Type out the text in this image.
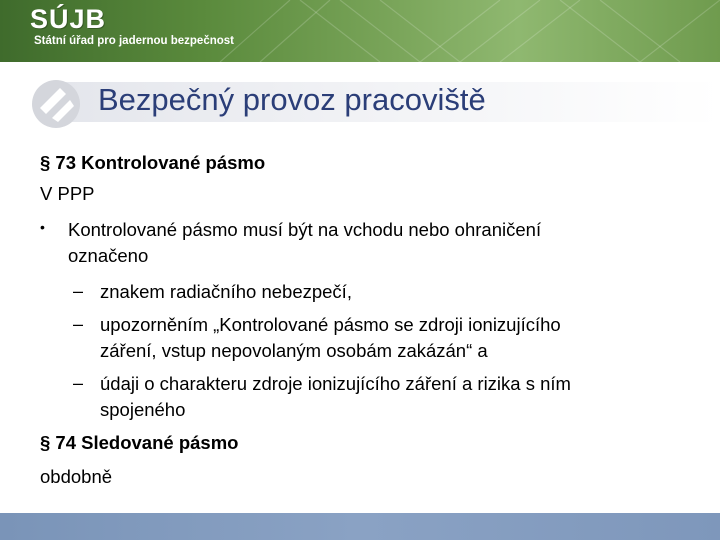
SÚJB
Státní úřad pro jadernou bezpečnost
Bezpečný provoz pracoviště
§ 73 Kontrolované pásmo
V PPP
• Kontrolované pásmo musí být na vchodu nebo ohraničení
označeno
– znakem radiačního nebezpečí,
– upozorněním „Kontrolované pásmo se zdroji ionizujícího
záření, vstup nepovolaným osobám zakázán“ a
– údaji o charakteru zdroje ionizujícího záření a rizika s ním
spojeného
§ 74 Sledované pásmo
obdobně
